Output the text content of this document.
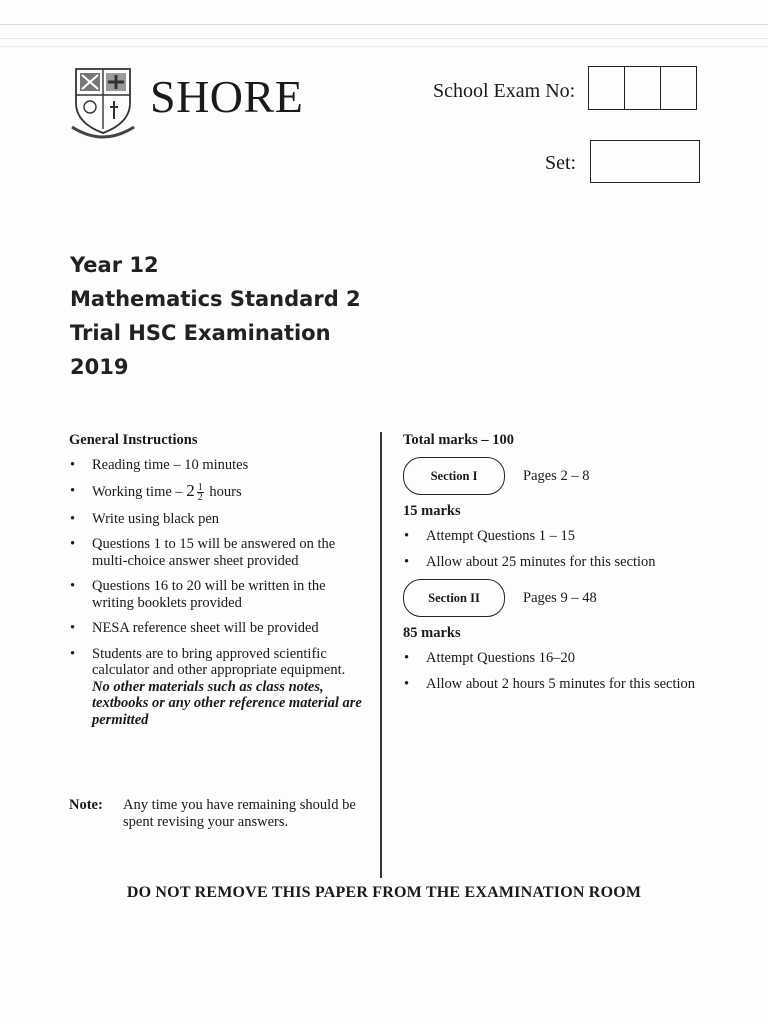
SHORE	School Exam No:
Set:
Year 12
Mathematics Standard 2
Trial HSC Examination
2019
General Instructions
• Reading time – 10 minutes
• Working time – $2 \frac{1}{2}$ hours
• Write using black pen
• Questions 1 to 15 will be answered on the multi-choice answer sheet provided
• Questions 16 to 20 will be written in the writing booklets provided
• NESA reference sheet will be provided
• Students are to bring approved scientific calculator and other appropriate equipment.
No other materials such as class notes, textbooks or any other reference material are permitted
Note:	Any time you have remaining should be spent revising your answers.
Total marks – 100
Section I	Pages 2 – 8
15 marks
• Attempt Questions 1 – 15
• Allow about 25 minutes for this section
Section II	Pages 9 – 48
85 marks
• Attempt Questions 16–20
• Allow about 2 hours 5 minutes for this section
DO NOT REMOVE THIS PAPER FROM THE EXAMINATION ROOM
